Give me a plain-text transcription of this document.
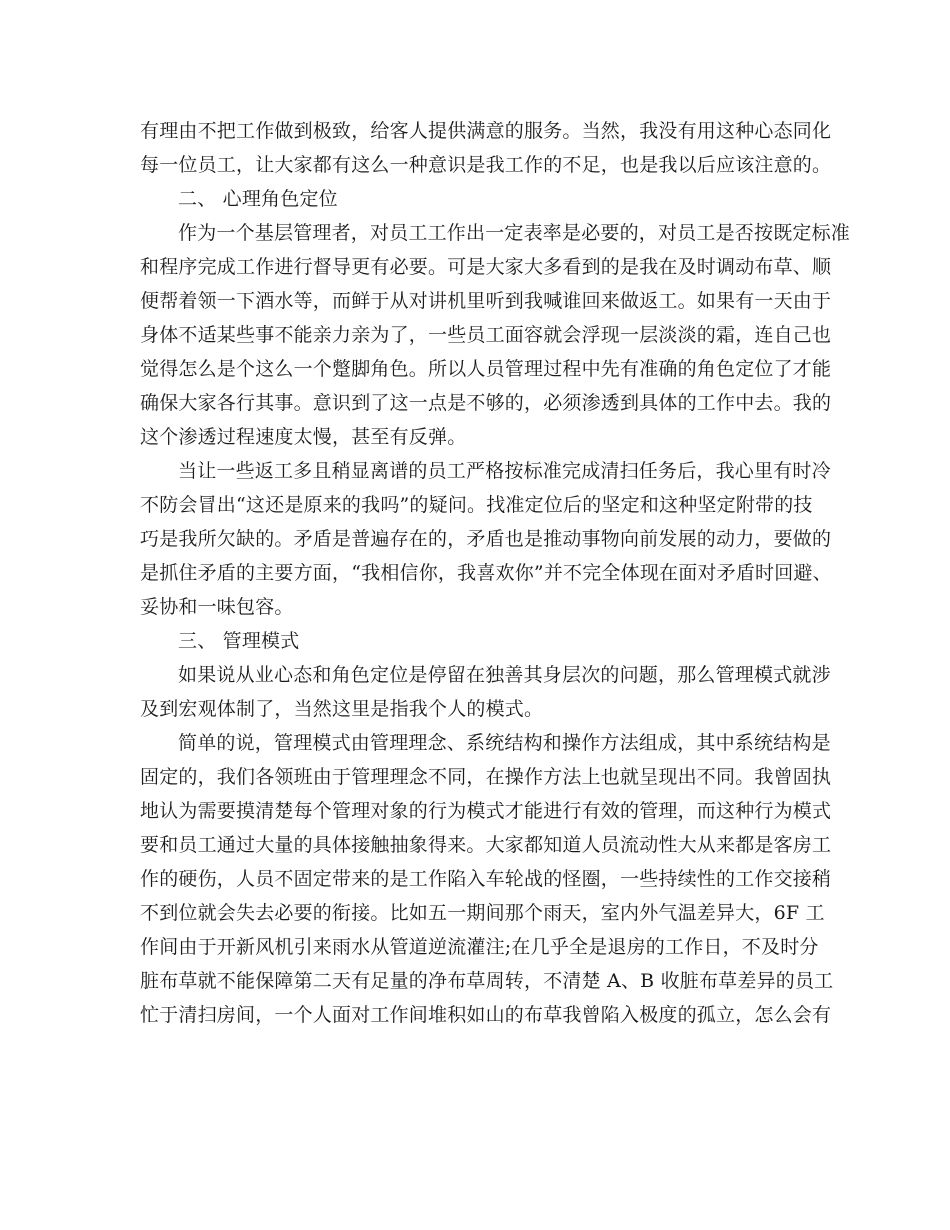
有理由不把工作做到极致，给客人提供满意的服务。当然，我没有用这种心态同化
每一位员工，让大家都有这么一种意识是我工作的不足，也是我以后应该注意的。
二、 心理角色定位
作为一个基层管理者，对员工工作出一定表率是必要的，对员工是否按既定标准
和程序完成工作进行督导更有必要。可是大家大多看到的是我在及时调动布草、顺
便帮着领一下酒水等，而鲜于从对讲机里听到我喊谁回来做返工。如果有一天由于
身体不适某些事不能亲力亲为了，一些员工面容就会浮现一层淡淡的霜，连自己也
觉得怎么是个这么一个蹩脚角色。所以人员管理过程中先有准确的角色定位了才能
确保大家各行其事。意识到了这一点是不够的，必须渗透到具体的工作中去。我的
这个渗透过程速度太慢，甚至有反弹。
当让一些返工多且稍显离谱的员工严格按标准完成清扫任务后，我心里有时冷
不防会冒出“这还是原来的我吗”的疑问。找准定位后的坚定和这种坚定附带的技
巧是我所欠缺的。矛盾是普遍存在的，矛盾也是推动事物向前发展的动力，要做的
是抓住矛盾的主要方面，“我相信你，我喜欢你”并不完全体现在面对矛盾时回避、
妥协和一味包容。
三、 管理模式
如果说从业心态和角色定位是停留在独善其身层次的问题，那么管理模式就涉
及到宏观体制了，当然这里是指我个人的模式。
简单的说，管理模式由管理理念、系统结构和操作方法组成，其中系统结构是
固定的，我们各领班由于管理理念不同，在操作方法上也就呈现出不同。我曾固执
地认为需要摸清楚每个管理对象的行为模式才能进行有效的管理，而这种行为模式
要和员工通过大量的具体接触抽象得来。大家都知道人员流动性大从来都是客房工
作的硬伤，人员不固定带来的是工作陷入车轮战的怪圈，一些持续性的工作交接稍
不到位就会失去必要的衔接。比如五一期间那个雨天，室内外气温差异大，6F 工
作间由于开新风机引来雨水从管道逆流灌注;在几乎全是退房的工作日，不及时分
脏布草就不能保障第二天有足量的净布草周转，不清楚 A、B 收脏布草差异的员工
忙于清扫房间，一个人面对工作间堆积如山的布草我曾陷入极度的孤立，怎么会有
